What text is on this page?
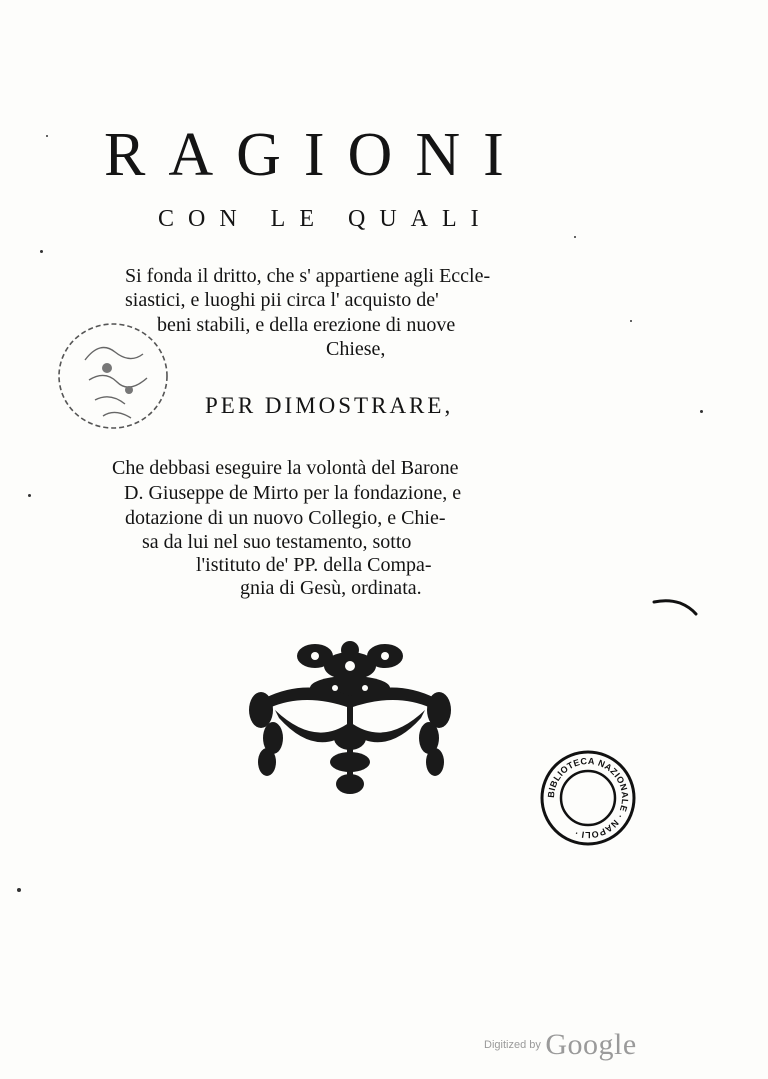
RAGIONI
CON LE QUALI
Si fonda il dritto, che s' appartiene agli Eccle-
siastici, e luoghi pii circa l' acquisto de'
beni stabili, e della erezione di nuove
Chiese,
PER DIMOSTRARE,
Che debbasi eseguire la volontà del Barone
D. Giuseppe de Mirto per la fondazione, e
dotazione di un nuovo Collegio, e Chie-
sa da lui nel suo testamento, sotto
l'istituto de' PP. della Compa-
gnia di Gesù, ordinata.
BIBLIOTECA NAZIONALE · NAPOLI ·
$^{Digitized by}$ Google
